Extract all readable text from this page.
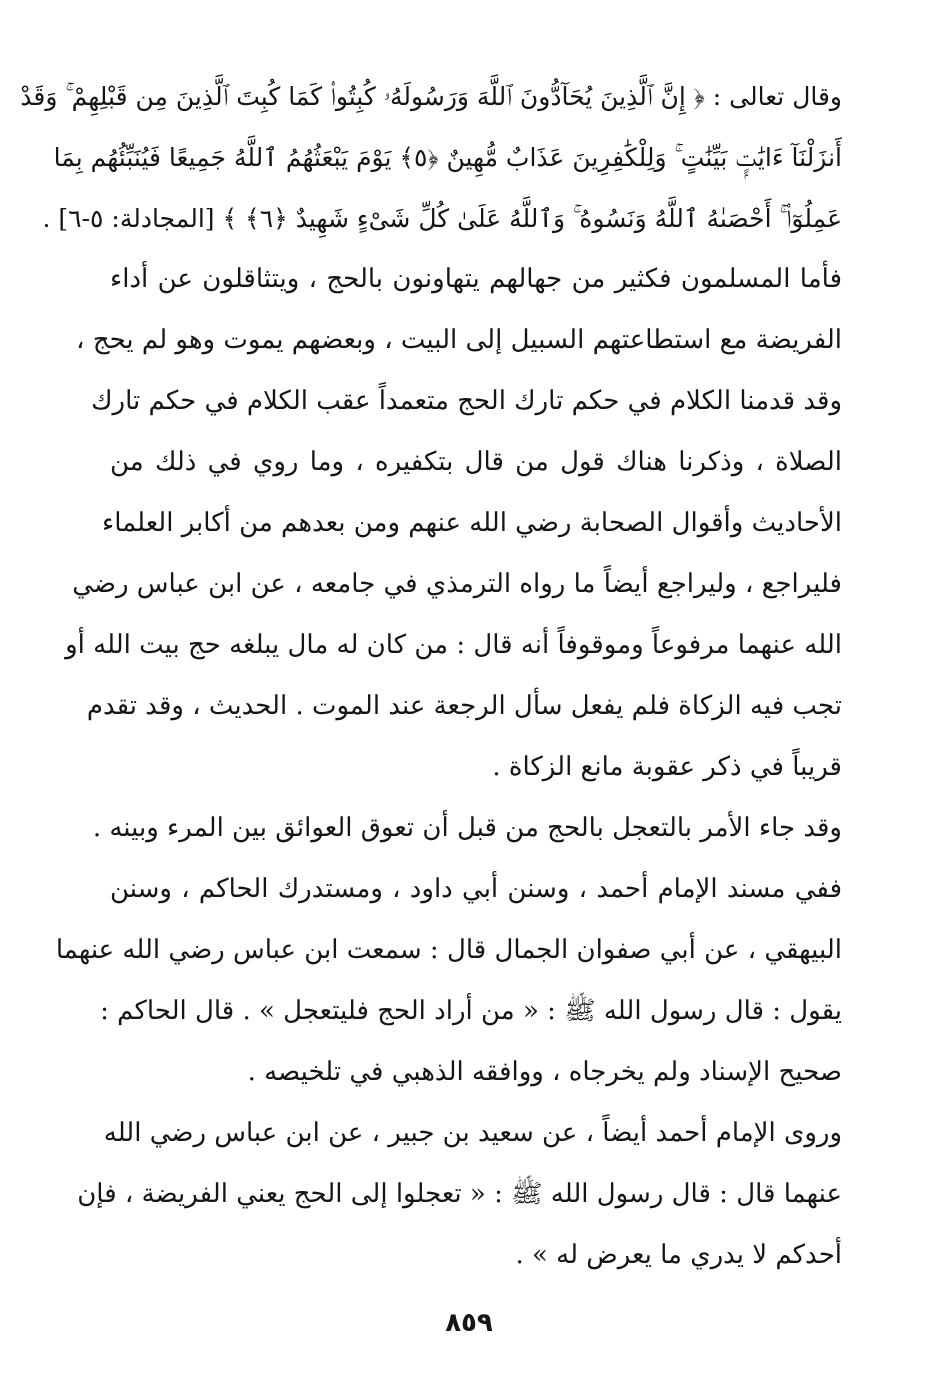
وقال تعالى : ﴿ إِنَّ ٱلَّذِينَ يُحَآدُّونَ ٱللَّهَ وَرَسُولَهُۥ كُبِتُوا۟ كَمَا كُبِتَ ٱلَّذِينَ مِن قَبْلِهِمْ ۚ وَقَدْ
أَنزَلْنَآ ءَايَٰتٍۭ بَيِّنَٰتٍ ۚ وَلِلْكَٰفِرِينَ عَذَابٌ مُّهِينٌ ﴿٥﴾ يَوْمَ يَبْعَثُهُمُ ٱللَّهُ جَمِيعًا فَيُنَبِّئُهُم بِمَا
عَمِلُوٓا۟ ۚ أَحْصَىٰهُ ٱللَّهُ وَنَسُوهُ ۚ وَٱللَّهُ عَلَىٰ كُلِّ شَىْءٍ شَهِيدٌ ﴿٦﴾ ﴾ [المجادلة: ٥-٦] .
فأما المسلمون فكثير من جهالهم يتهاونون بالحج ، ويتثاقلون عن أداء
الفريضة مع استطاعتهم السبيل إلى البيت ، وبعضهم يموت وهو لم يحج ،
وقد قدمنا الكلام في حكم تارك الحج متعمداً عقب الكلام في حكم تارك
الصلاة ، وذكرنا هناك قول من قال بتكفيره ، وما روي في ذلك من
الأحاديث وأقوال الصحابة رضي الله عنهم ومن بعدهم من أكابر العلماء
فليراجع ، وليراجع أيضاً ما رواه الترمذي في جامعه ، عن ابن عباس رضي
الله عنهما مرفوعاً وموقوفاً أنه قال : من كان له مال يبلغه حج بيت الله أو
تجب فيه الزكاة فلم يفعل سأل الرجعة عند الموت . الحديث ، وقد تقدم
قريباً في ذكر عقوبة مانع الزكاة .
وقد جاء الأمر بالتعجل بالحج من قبل أن تعوق العوائق بين المرء وبينه .
ففي مسند الإمام أحمد ، وسنن أبي داود ، ومستدرك الحاكم ، وسنن
البيهقي ، عن أبي صفوان الجمال قال : سمعت ابن عباس رضي الله عنهما
يقول : قال رسول الله ﷺ : « من أراد الحج فليتعجل » . قال الحاكم :
صحيح الإسناد ولم يخرجاه ، ووافقه الذهبي في تلخيصه .
وروى الإمام أحمد أيضاً ، عن سعيد بن جبير ، عن ابن عباس رضي الله
عنهما قال : قال رسول الله ﷺ : « تعجلوا إلى الحج يعني الفريضة ، فإن
أحدكم لا يدري ما يعرض له » .
٨٥٩
